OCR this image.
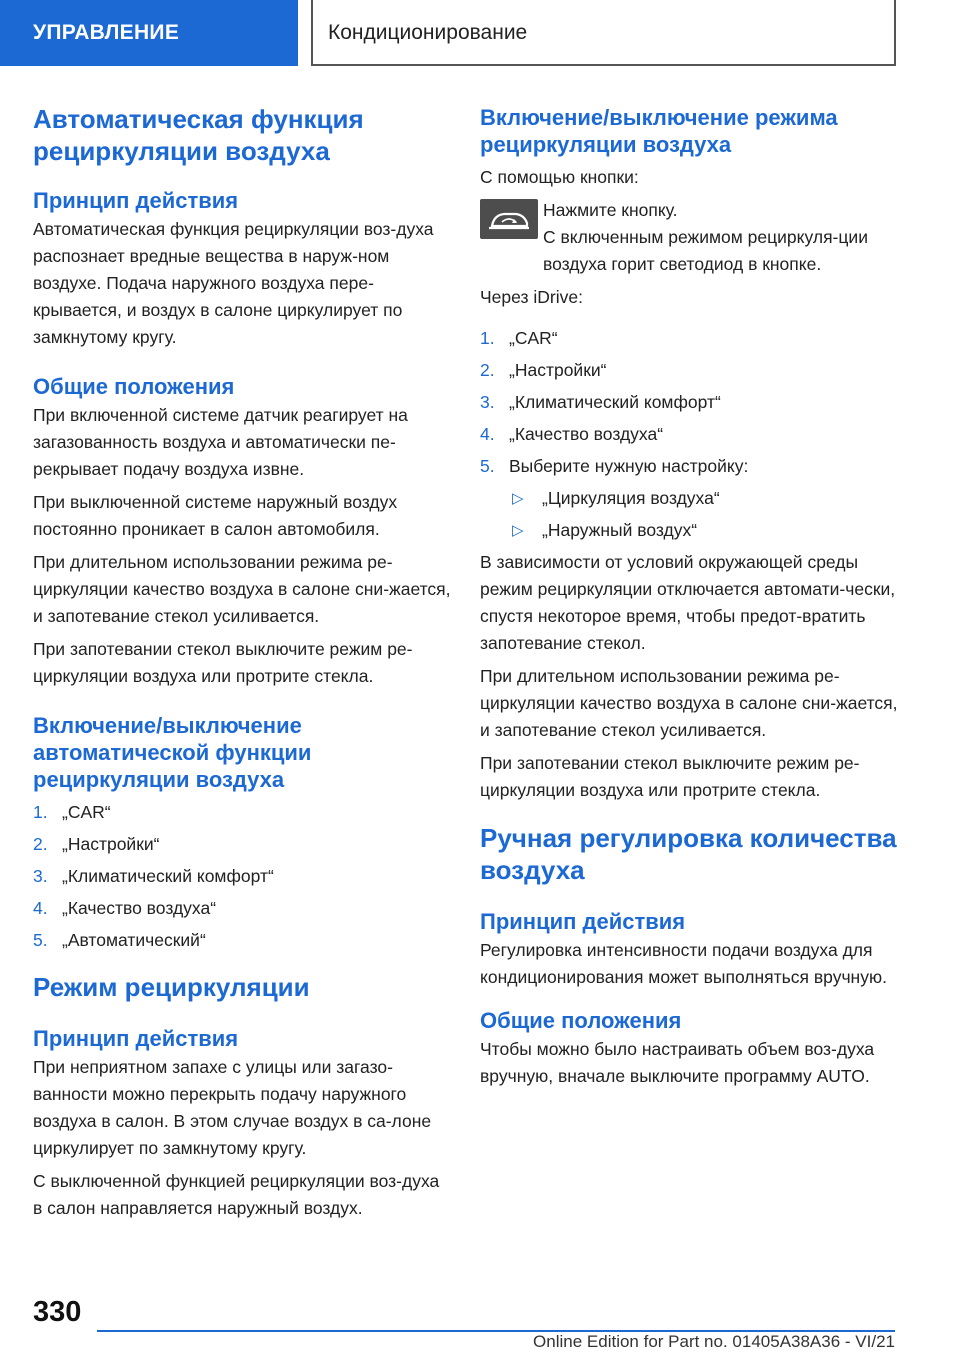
УПРАВЛЕНИЕ	Кондиционирование
Автоматическая функция рециркуляции воздуха
Принцип действия

Автоматическая функция рециркуляции воз-духа распознает вредные вещества в наруж-ном воздухе. Подача наружного воздуха пере-крывается, и воздух в салоне циркулирует по замкнутому кругу.

Общие положения

При включенной системе датчик реагирует на загазованность воздуха и автоматически пе-рекрывает подачу воздуха извне.

При выключенной системе наружный воздух постоянно проникает в салон автомобиля.

При длительном использовании режима ре-циркуляции качество воздуха в салоне сни-жается, и запотевание стекол усиливается.

При запотевании стекол выключите режим ре-циркуляции воздуха или протрите стекла.

Включение/выключение автоматической функции рециркуляции воздуха
1. „CAR“
2. „Настройки“
3. „Климатический комфорт“
4. „Качество воздуха“
5. „Автоматический“
Режим рециркуляции
Принцип действия

При неприятном запахе с улицы или загазо-ванности можно перекрыть подачу наружного воздуха в салон. В этом случае воздух в са-лоне циркулирует по замкнутому кругу.

С выключенной функцией рециркуляции воз-духа в салон направляется наружный воздух.

Включение/выключение режима рециркуляции воздуха

С помощью кнопки:

Нажмите кнопку.

С включенным режимом рециркуля-ции воздуха горит светодиод в кнопке.

Через iDrive:

1. „CAR“
2. „Настройки“
3. „Климатический комфорт“
4. „Качество воздуха“
5. Выберите нужную настройку:
▷ „Циркуляция воздуха“
▷ „Наружный воздух“

В зависимости от условий окружающей среды режим рециркуляции отключается автомати-чески, спустя некоторое время, чтобы предот-вратить запотевание стекол.

При длительном использовании режима ре-циркуляции качество воздуха в салоне сни-жается, и запотевание стекол усиливается.

При запотевании стекол выключите режим ре-циркуляции воздуха или протрите стекла.

Ручная регулировка количества воздуха
Принцип действия

Регулировка интенсивности подачи воздуха для кондиционирования может выполняться вручную.

Общие положения

Чтобы можно было настраивать объем воз-духа вручную, вначале выключите программу AUTO.

330
Online Edition for Part no. 01405A38A36 - VI/21
